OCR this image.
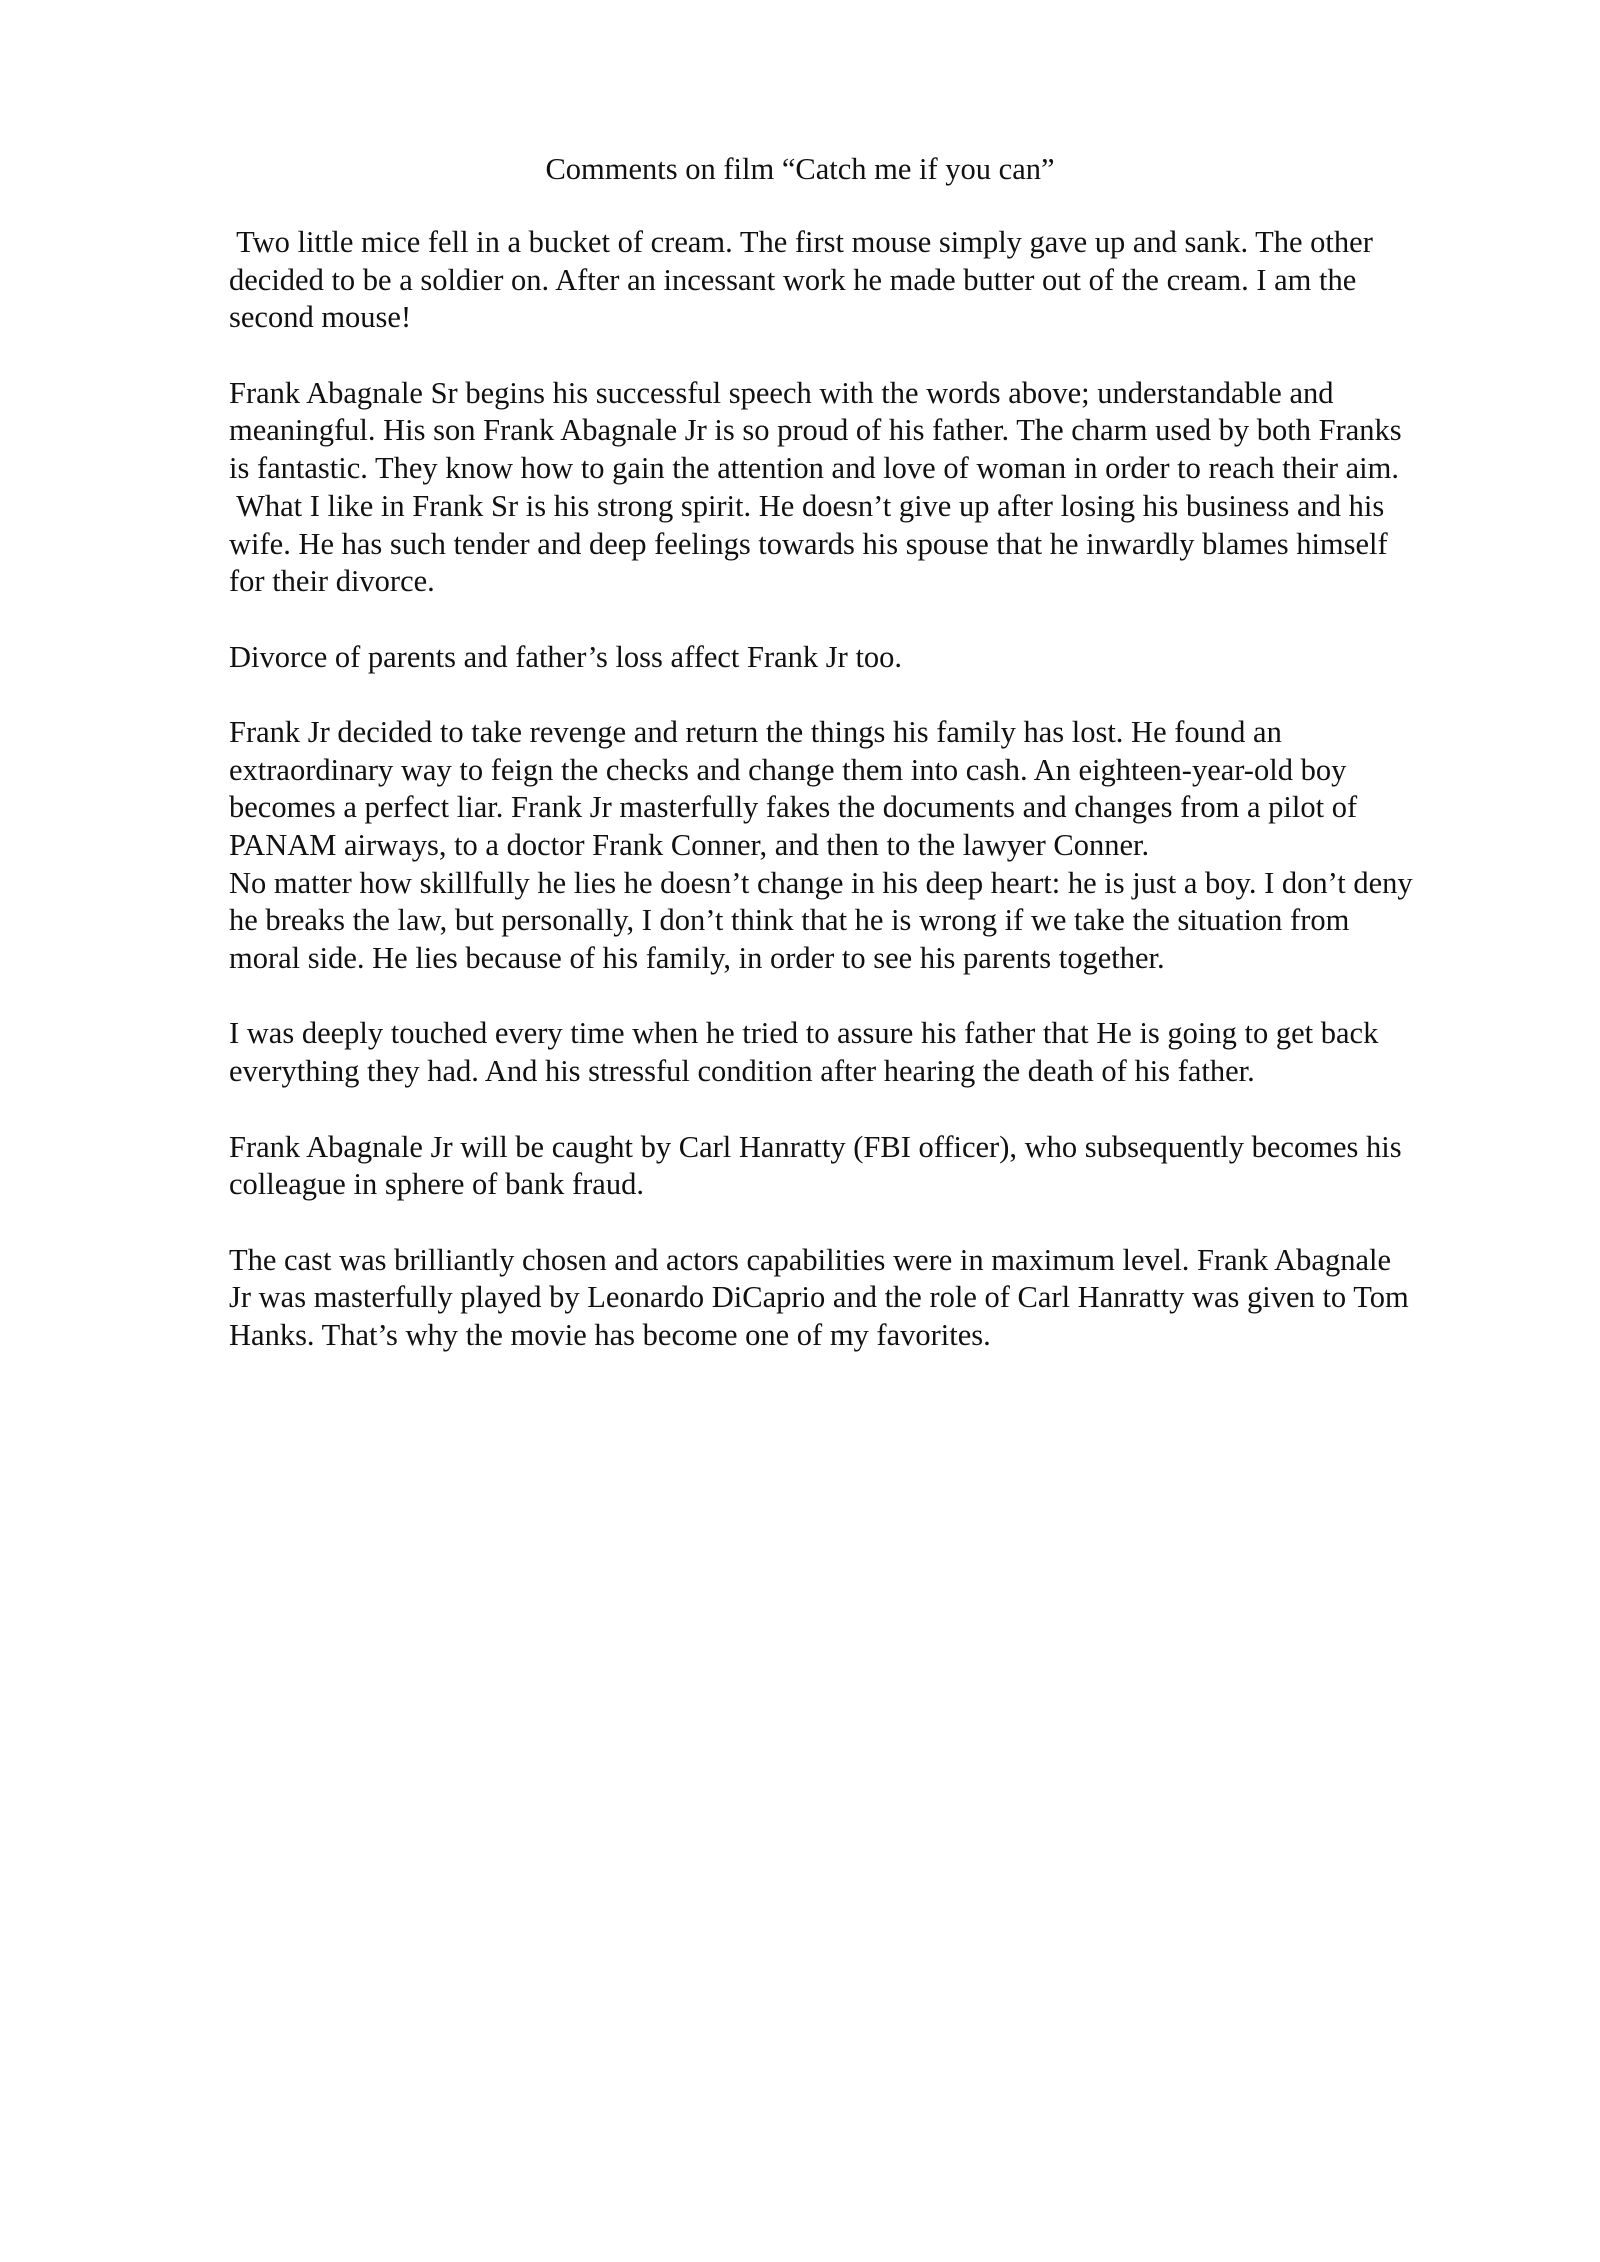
Comments on film “Catch me if you can”
Two little mice fell in a bucket of cream. The first mouse simply gave up and sank. The other
decided to be a soldier on. After an incessant work he made butter out of the cream. I am the
second mouse!
Frank Abagnale Sr begins his successful speech with the words above; understandable and
meaningful. His son Frank Abagnale Jr is so proud of his father. The charm used by both Franks
is fantastic. They know how to gain the attention and love of woman in order to reach their aim.
What I like in Frank Sr is his strong spirit. He doesn’t give up after losing his business and his
wife. He has such tender and deep feelings towards his spouse that he inwardly blames himself
for their divorce.
Divorce of parents and father’s loss affect Frank Jr too.
Frank Jr decided to take revenge and return the things his family has lost. He found an
extraordinary way to feign the checks and change them into cash. An eighteen-year-old boy
becomes a perfect liar. Frank Jr masterfully fakes the documents and changes from a pilot of
PANAM airways, to a doctor Frank Conner, and then to the lawyer Conner.
No matter how skillfully he lies he doesn’t change in his deep heart: he is just a boy. I don’t deny
he breaks the law, but personally, I don’t think that he is wrong if we take the situation from
moral side. He lies because of his family, in order to see his parents together.
I was deeply touched every time when he tried to assure his father that He is going to get back
everything they had. And his stressful condition after hearing the death of his father.
Frank Abagnale Jr will be caught by Carl Hanratty (FBI officer), who subsequently becomes his
colleague in sphere of bank fraud.
The cast was brilliantly chosen and actors capabilities were in maximum level. Frank Abagnale
Jr was masterfully played by Leonardo DiCaprio and the role of Carl Hanratty was given to Tom
Hanks. That’s why the movie has become one of my favorites.
